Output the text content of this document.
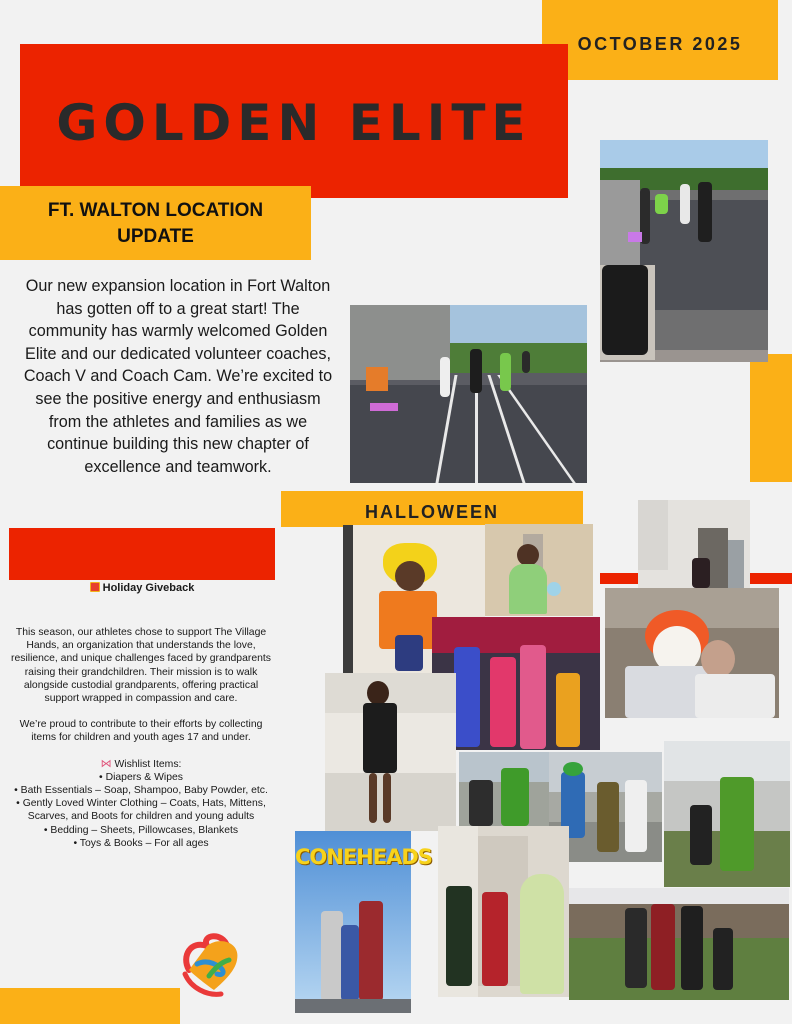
OCTOBER 2025
GOLDEN ELITE
FT. WALTON LOCATION
UPDATE
Our new expansion location in Fort Walton has gotten off to a great start! The community has warmly welcomed Golden Elite and our dedicated volunteer coaches, Coach V and Coach Cam. We’re excited to see the positive energy and enthusiasm from the athletes and families as we continue building this new chapter of excellence and teamwork.
HALLOWEEN
CONEHEADS
Holiday Giveback

This season, our athletes chose to support The Village Hands, an organization that understands the love, resilience, and unique challenges faced by grandparents raising their grandchildren. Their mission is to walk alongside custodial grandparents, offering practical support wrapped in compassion and care.

We’re proud to contribute to their efforts by collecting items for children and youth ages 17 and under.

⋈ Wishlist Items:

• Diapers & Wipes

• Bath Essentials – Soap, Shampoo, Baby Powder, etc.

• Gently Loved Winter Clothing – Coats, Hats, Mittens, Scarves, and Boots for children and young adults

• Bedding – Sheets, Pillowcases, Blankets

• Toys & Books – For all ages
